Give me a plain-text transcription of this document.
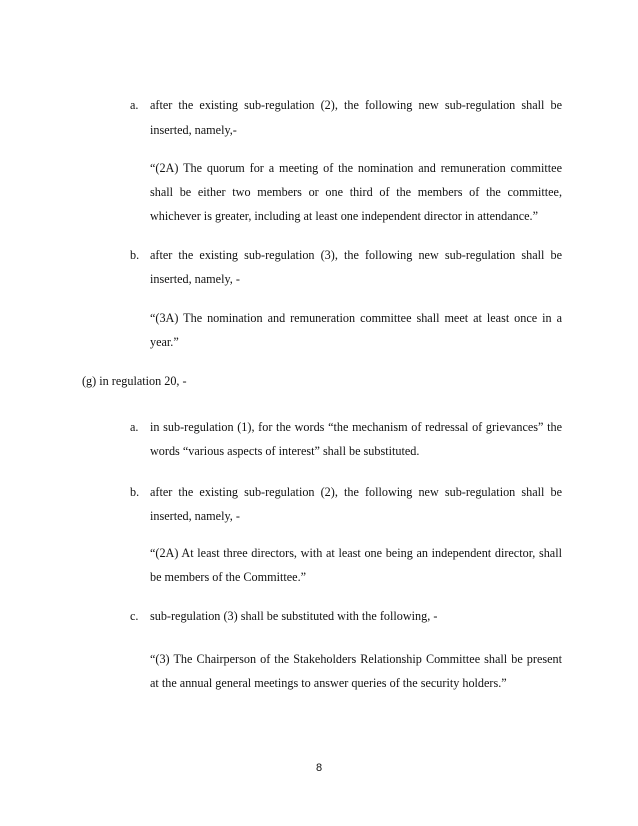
a. after the existing sub-regulation (2), the following new sub-regulation shall be
inserted, namely,-
“(2A) The quorum for a meeting of the nomination and remuneration committee
shall be either two members or one third of the members of the committee,
whichever is greater, including at least one independent director in attendance.”
b. after the existing sub-regulation (3), the following new sub-regulation shall be
inserted, namely, -
“(3A) The nomination and remuneration committee shall meet at least once in a
year.”
(g) in regulation 20, -
a. in sub-regulation (1), for the words “the mechanism of redressal of grievances” the
words “various aspects of interest” shall be substituted.
b. after the existing sub-regulation (2), the following new sub-regulation shall be
inserted, namely, -
“(2A) At least three directors, with at least one being an independent director, shall
be members of the Committee.”
c. sub-regulation (3) shall be substituted with the following, -
“(3) The Chairperson of the Stakeholders Relationship Committee shall be present
at the annual general meetings to answer queries of the security holders.”
8
